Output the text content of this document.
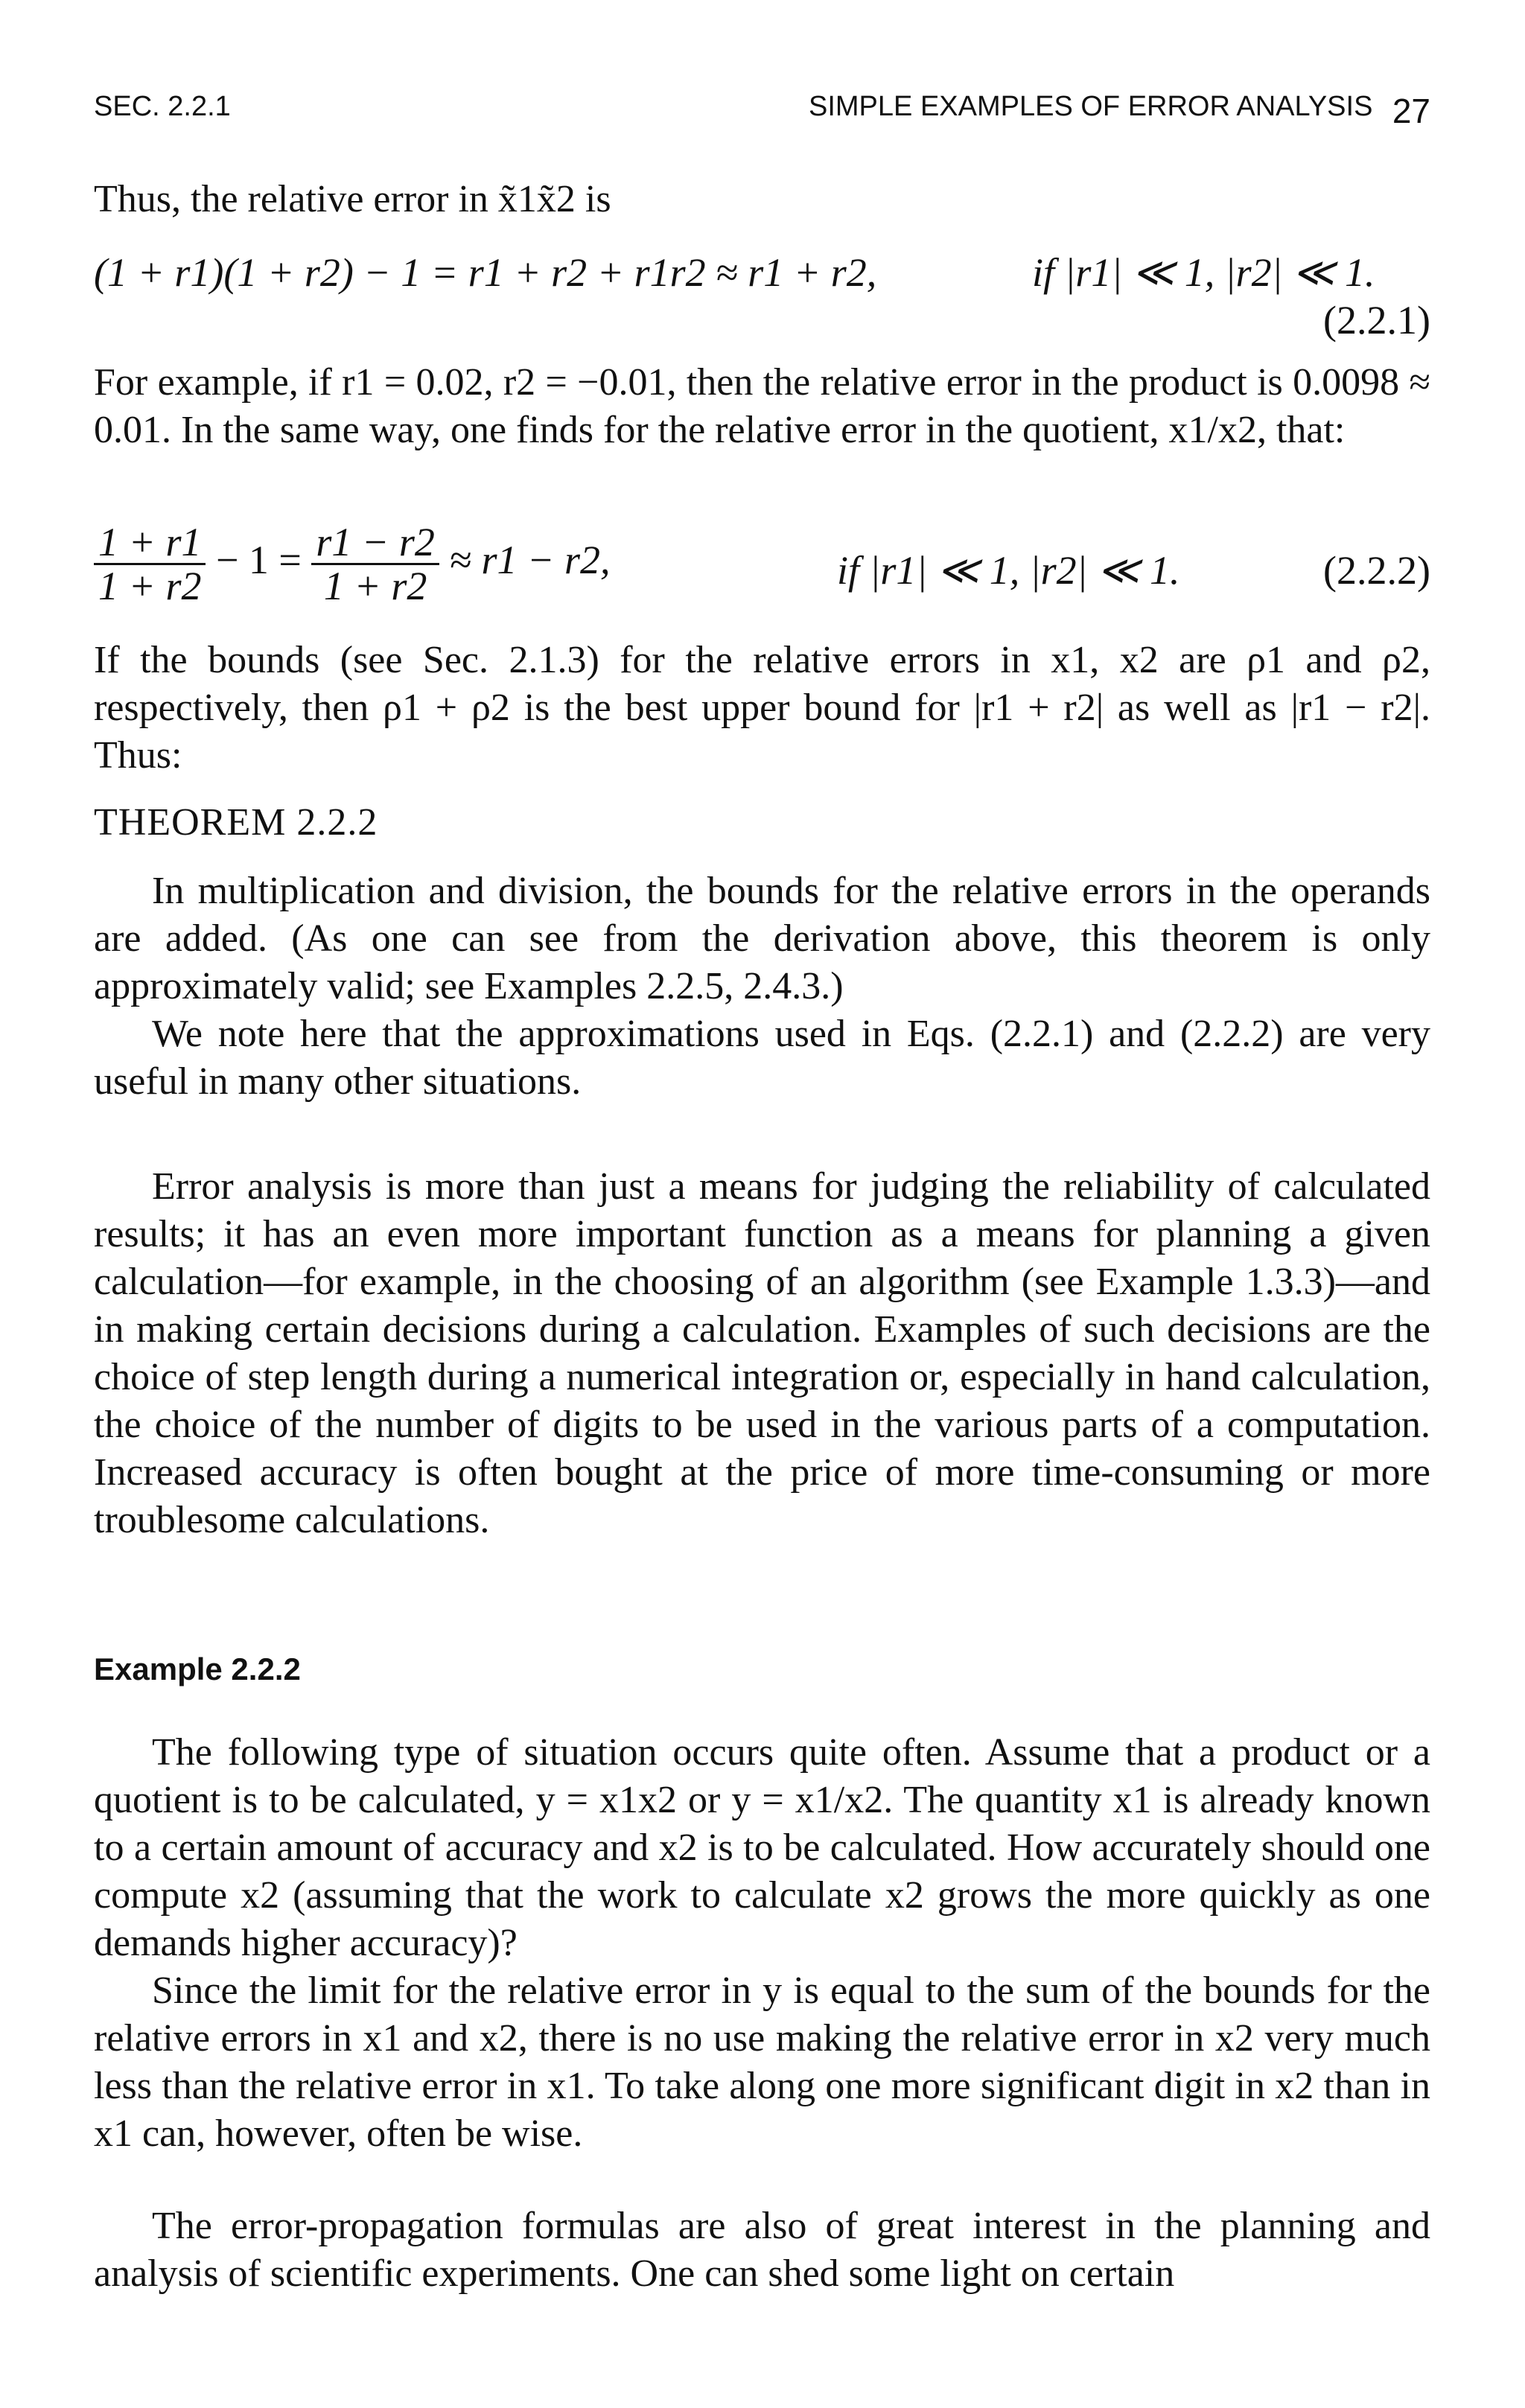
SEC. 2.2.1	SIMPLE EXAMPLES OF ERROR ANALYSIS 27

Thus, the relative error in x̃1x̃2 is

(1 + r1)(1 + r2) − 1 = r1 + r2 + r1r2 ≈ r1 + r2,	if |r1| ≪ 1, |r2| ≪ 1.
(2.2.1)

For example, if r1 = 0.02, r2 = −0.01, then the relative error in the product is 0.0098 ≈ 0.01. In the same way, one finds for the relative error in the quotient, x1/x2, that:

$\frac{1 + r1}{1 + r2} - 1 = \frac{r1 - r2}{1 + r2} \approx r1 - r2$,	if |r1| ≪ 1, |r2| ≪ 1.	(2.2.2)

If the bounds (see Sec. 2.1.3) for the relative errors in x1, x2 are ρ1 and ρ2, respectively, then ρ1 + ρ2 is the best upper bound for |r1 + r2| as well as |r1 − r2|. Thus:

THEOREM 2.2.2

In multiplication and division, the bounds for the relative errors in the operands are added. (As one can see from the derivation above, this theorem is only approximately valid; see Examples 2.2.5, 2.4.3.)

We note here that the approximations used in Eqs. (2.2.1) and (2.2.2) are very useful in many other situations.

Error analysis is more than just a means for judging the reliability of calculated results; it has an even more important function as a means for planning a given calculation—for example, in the choosing of an algorithm (see Example 1.3.3)—and in making certain decisions during a calculation. Examples of such decisions are the choice of step length during a numerical integration or, especially in hand calculation, the choice of the number of digits to be used in the various parts of a computation. Increased accuracy is often bought at the price of more time-consuming or more troublesome calculations.

Example 2.2.2

The following type of situation occurs quite often. Assume that a product or a quotient is to be calculated, y = x1x2 or y = x1/x2. The quantity x1 is already known to a certain amount of accuracy and x2 is to be calculated. How accurately should one compute x2 (assuming that the work to calculate x2 grows the more quickly as one demands higher accuracy)?

Since the limit for the relative error in y is equal to the sum of the bounds for the relative errors in x1 and x2, there is no use making the relative error in x2 very much less than the relative error in x1. To take along one more significant digit in x2 than in x1 can, however, often be wise.

The error-propagation formulas are also of great interest in the planning and analysis of scientific experiments. One can shed some light on certain
